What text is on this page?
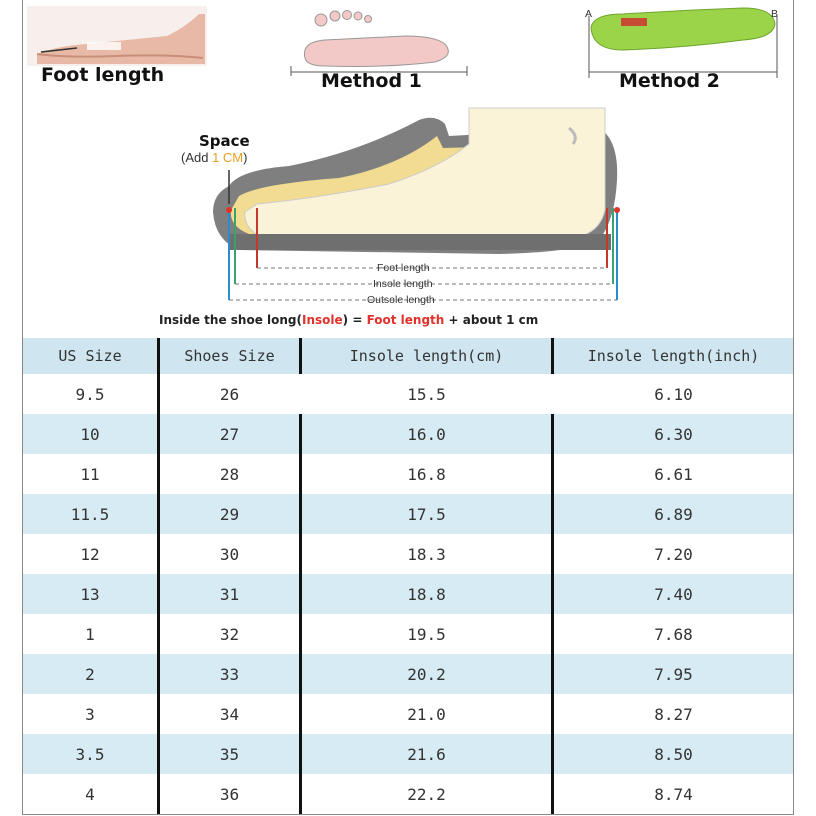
Foot length	Method 1
A	B
Method 2
Space
(Add 1 CM)
Foot length
Insole length
Outsole length
Inside the shoe long(Insole) = Foot length + about 1 cm
US Size	Shoes Size	Insole length(cm)	Insole length(inch)
9.5	26	15.5	6.10
10	27	16.0	6.30
11	28	16.8	6.61
11.5	29	17.5	6.89
12	30	18.3	7.20
13	31	18.8	7.40
1	32	19.5	7.68
2	33	20.2	7.95
3	34	21.0	8.27
3.5	35	21.6	8.50
4	36	22.2	8.74
